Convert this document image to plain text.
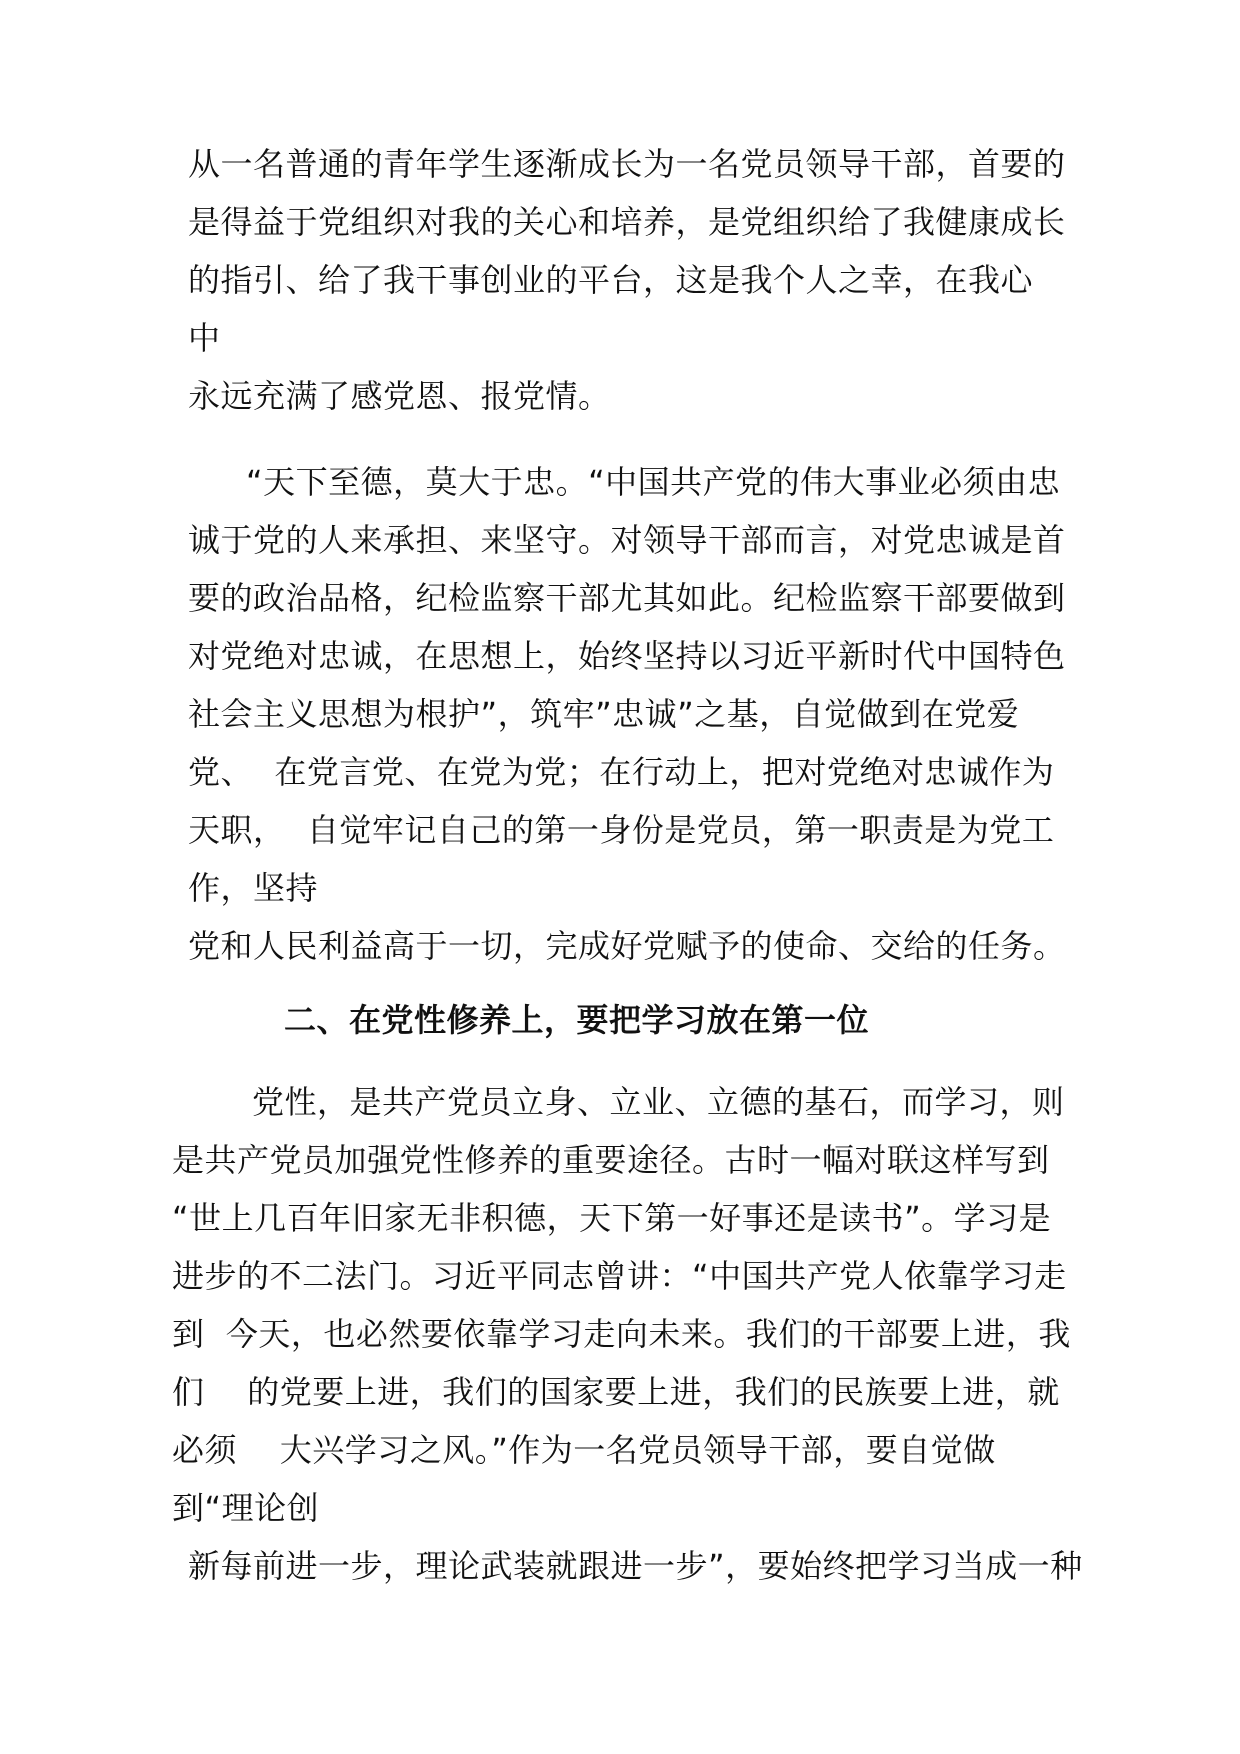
从一名普通的青年学生逐渐成长为一名党员领导干部，首要的
是得益于党组织对我的关心和培养，是党组织给了我健康成长
的指引、给了我干事创业的平台，这是我个人之幸，在我心
中
永远充满了感党恩、报党情。
“天下至德，莫大于忠。“中国共产党的伟大事业必须由忠
诚于党的人来承担、来坚守。对领导干部而言，对党忠诚是首
要的政治品格，纪检监察干部尤其如此。纪检监察干部要做到
对党绝对忠诚，在思想上，始终坚持以习近平新时代中国特色
社会主义思想为根护”，筑牢”忠诚”之基，自觉做到在党爱
党、  在党言党、在党为党；在行动上，把对党绝对忠诚作为
天职，  自觉牢记自己的第一身份是党员，第一职责是为党工
作，坚持
党和人民利益高于一切，完成好党赋予的使命、交给的任务。
二、在党性修养上，要把学习放在第一位
党性，是共产党员立身、立业、立德的基石，而学习，则
是共产党员加强党性修养的重要途径。古时一幅对联这样写到
“世上几百年旧家无非积德，天下第一好事还是读书”。学习是
进步的不二法门。习近平同志曾讲：“中国共产党人依靠学习走
到  今天，也必然要依靠学习走向未来。我们的干部要上进，我
们    的党要上进，我们的国家要上进，我们的民族要上进，就
必须    大兴学习之风。”作为一名党员领导干部，要自觉做
到“理论创
新每前进一步，理论武装就跟进一步”，要始终把学习当成一种
